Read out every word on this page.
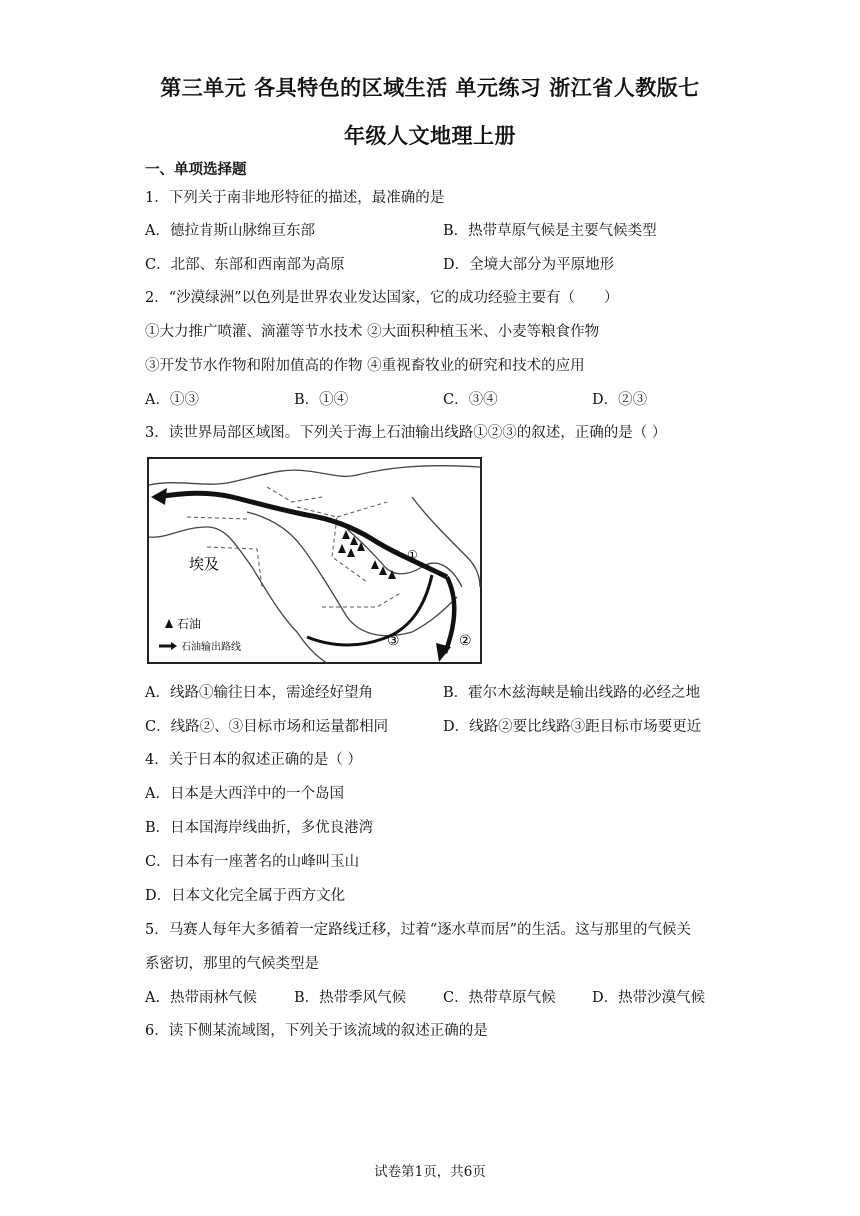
第三单元 各具特色的区域生活 单元练习 浙江省人教版七
年级人文地理上册
一、单项选择题
1．下列关于南非地形特征的描述，最准确的是
A．德拉肯斯山脉绵亘东部	B．热带草原气候是主要气候类型
C．北部、东部和西南部为高原	D．全境大部分为平原地形
2．“沙漠绿洲”以色列是世界农业发达国家，它的成功经验主要有（　　）
①大力推广喷灌、滴灌等节水技术 ②大面积种植玉米、小麦等粮食作物
③开发节水作物和附加值高的作物 ④重视畜牧业的研究和技术的应用
A．①③	B．①④	C．③④	D．②③
3．读世界局部区域图。下列关于海上石油输出线路①②③的叙述，正确的是（ ）
埃及
③	②
①
石油
石油输出路线
A．线路①输往日本，需途经好望角	B．霍尔木兹海峡是输出线路的必经之地
C．线路②、③目标市场和运量都相同	D．线路②要比线路③距目标市场要更近
4．关于日本的叙述正确的是（ ）
A．日本是大西洋中的一个岛国
B．日本国海岸线曲折，多优良港湾
C．日本有一座著名的山峰叫玉山
D．日本文化完全属于西方文化
5．马赛人每年大多循着一定路线迁移，过着“逐水草而居”的生活。这与那里的气候关
系密切，那里的气候类型是
A．热带雨林气候	B．热带季风气候	C．热带草原气候	D．热带沙漠气候
6．读下侧某流域图，下列关于该流域的叙述正确的是
试卷第1页，共6页
